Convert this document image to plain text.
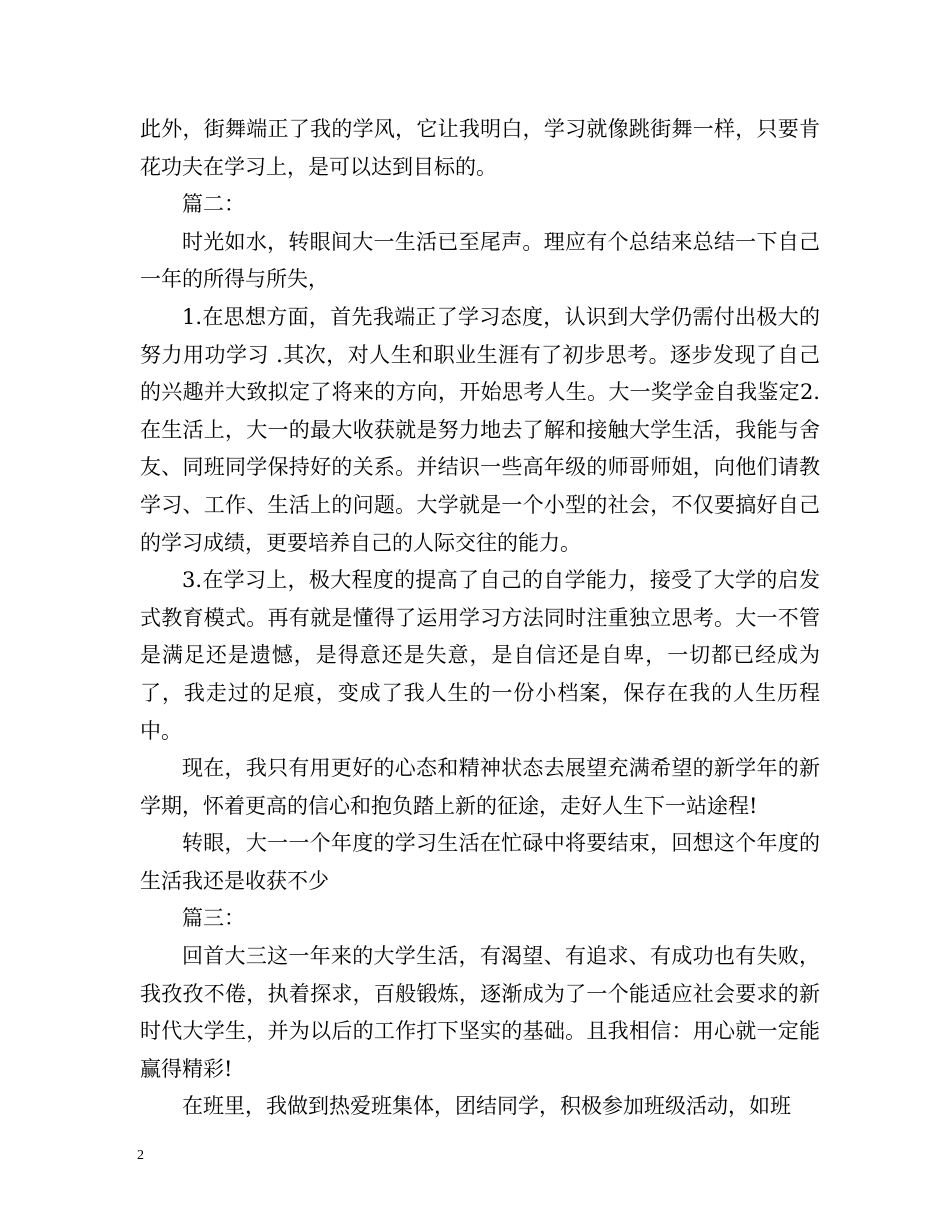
此外，街舞端正了我的学风，它让我明白，学习就像跳街舞一样，只要肯花功夫在学习上，是可以达到目标的。

篇二：

时光如水，转眼间大一生活已至尾声。理应有个总结来总结一下自己一年的所得与所失，

1.在思想方面，首先我端正了学习态度，认识到大学仍需付出极大的努力用功学习 .其次，对人生和职业生涯有了初步思考。逐步发现了自己的兴趣并大致拟定了将来的方向，开始思考人生。大一奖学金自我鉴定2.在生活上，大一的最大收获就是努力地去了解和接触大学生活，我能与舍友、同班同学保持好的关系。并结识一些高年级的师哥师姐，向他们请教学习、工作、生活上的问题。大学就是一个小型的社会，不仅要搞好自己的学习成绩，更要培养自己的人际交往的能力。

3.在学习上，极大程度的提高了自己的自学能力，接受了大学的启发式教育模式。再有就是懂得了运用学习方法同时注重独立思考。大一不管是满足还是遗憾，是得意还是失意，是自信还是自卑，一切都已经成为了，我走过的足痕，变成了我人生的一份小档案，保存在我的人生历程中。

现在，我只有用更好的心态和精神状态去展望充满希望的新学年的新学期，怀着更高的信心和抱负踏上新的征途，走好人生下一站途程!

转眼，大一一个年度的学习生活在忙碌中将要结束，回想这个年度的生活我还是收获不少

篇三：

回首大三这一年来的大学生活，有渴望、有追求、有成功也有失败，我孜孜不倦，执着探求，百般锻炼，逐渐成为了一个能适应社会要求的新时代大学生，并为以后的工作打下坚实的基础。且我相信：用心就一定能赢得精彩!

在班里，我做到热爱班集体，团结同学，积极参加班级活动，如班

2
